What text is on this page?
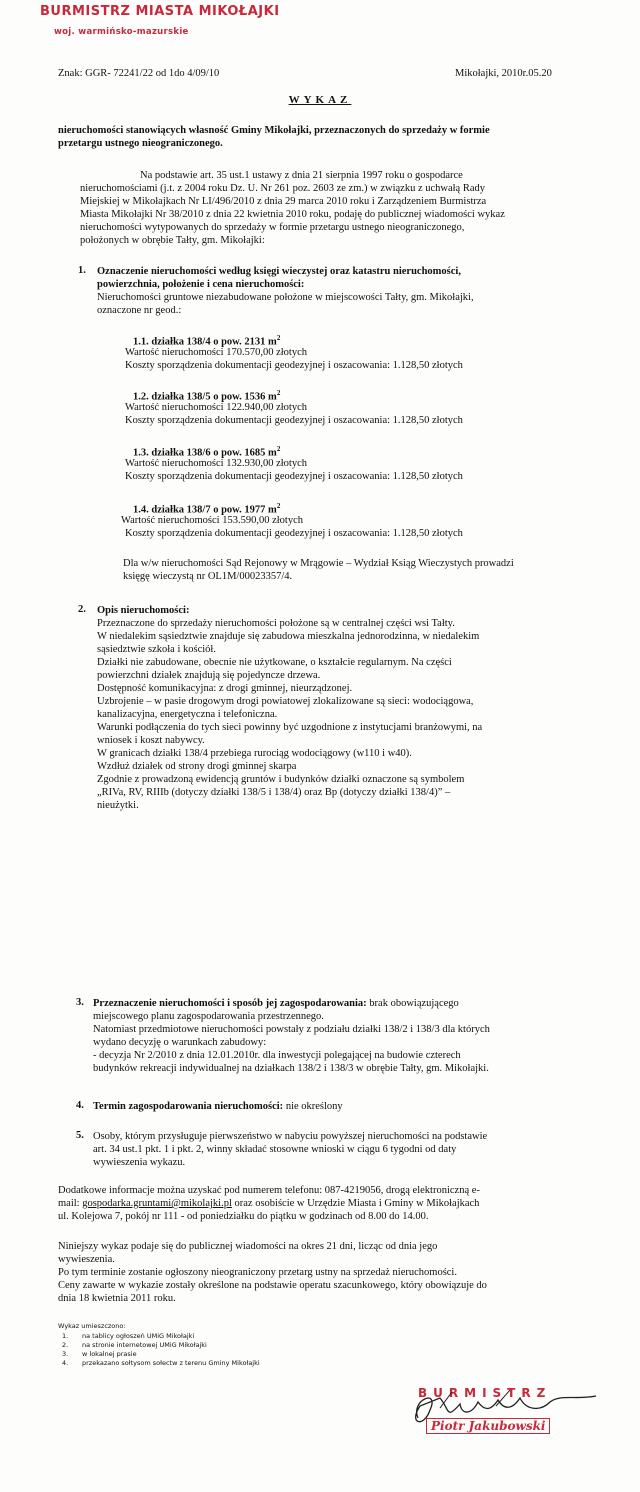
BURMISTRZ MIASTA MIKOŁAJKI
woj. warmińsko-mazurskie
Znak: GGR- 72241/22 od 1do 4/09/10	Mikołajki, 2010r.05.20
WYKAZ
nieruchomości stanowiących własność Gminy Mikołajki, przeznaczonych do sprzedaży w formie
przetargu ustnego nieograniczonego.
Na podstawie art. 35 ust.1 ustawy z dnia 21 sierpnia 1997 roku o gospodarce
nieruchomościami (j.t. z 2004 roku Dz. U. Nr 261 poz. 2603 ze zm.) w związku z uchwałą Rady
Miejskiej w Mikołajkach Nr LI/496/2010 z dnia 29 marca 2010 roku i Zarządzeniem Burmistrza
Miasta Mikołajki Nr 38/2010 z dnia 22 kwietnia 2010 roku, podaję do publicznej wiadomości wykaz
nieruchomości wytypowanych do sprzedaży w formie przetargu ustnego nieograniczonego,
położonych w obrębie Tałty, gm. Mikołajki:
1. Oznaczenie nieruchomości według księgi wieczystej oraz katastru nieruchomości,
powierzchnia, położenie i cena nieruchomości:
Nieruchomości gruntowe niezabudowane położone w miejscowości Tałty, gm. Mikołajki,
oznaczone nr geod.:
1.1. działka 138/4 o pow. 2131 $m^2$
Wartość nieruchomości 170.570,00 złotych
Koszty sporządzenia dokumentacji geodezyjnej i oszacowania: 1.128,50 złotych
1.2. działka 138/5 o pow. 1536 $m^2$
Wartość nieruchomości 122.940,00 złotych
Koszty sporządzenia dokumentacji geodezyjnej i oszacowania: 1.128,50 złotych
1.3. działka 138/6 o pow. 1685 $m^2$
Wartość nieruchomości 132.930,00 złotych
Koszty sporządzenia dokumentacji geodezyjnej i oszacowania: 1.128,50 złotych
1.4. działka 138/7 o pow. 1977 $m^2$
Wartość nieruchomości 153.590,00 złotych
Koszty sporządzenia dokumentacji geodezyjnej i oszacowania: 1.128,50 złotych
Dla w/w nieruchomości Sąd Rejonowy w Mrągowie – Wydział Ksiąg Wieczystych prowadzi
księgę wieczystą nr OL1M/00023357/4.
2. Opis nieruchomości:
Przeznaczone do sprzedaży nieruchomości położone są w centralnej części wsi Tałty.
W niedalekim sąsiedztwie znajduje się zabudowa mieszkalna jednorodzinna, w niedalekim
sąsiedztwie szkoła i kościół.
Działki nie zabudowane, obecnie nie użytkowane, o kształcie regularnym. Na części
powierzchni działek znajdują się pojedyncze drzewa.
Dostępność komunikacyjna: z drogi gminnej, nieurządzonej.
Uzbrojenie – w pasie drogowym drogi powiatowej zlokalizowane są sieci: wodociągowa,
kanalizacyjna, energetyczna i telefoniczna.
Warunki podłączenia do tych sieci powinny być uzgodnione z instytucjami branżowymi, na
wniosek i koszt nabywcy.
W granicach działki 138/4 przebiega rurociąg wodociągowy (w110 i w40).
Wzdłuż działek od strony drogi gminnej skarpa
Zgodnie z prowadzoną ewidencją gruntów i budynków działki oznaczone są symbolem
„RIVa, RV, RIIIb (dotyczy działki 138/5 i 138/4) oraz Bp (dotyczy działki 138/4)” –
nieużytki.
3. Przeznaczenie nieruchomości i sposób jej zagospodarowania: brak obowiązującego
miejscowego planu zagospodarowania przestrzennego.
Natomiast przedmiotowe nieruchomości powstały z podziału działki 138/2 i 138/3 dla których
wydano decyzję o warunkach zabudowy:
- decyzja Nr 2/2010 z dnia 12.01.2010r. dla inwestycji polegającej na budowie czterech
budynków rekreacji indywidualnej na działkach 138/2 i 138/3 w obrębie Tałty, gm. Mikołajki.
4. Termin zagospodarowania nieruchomości: nie określony
5. Osoby, którym przysługuje pierwszeństwo w nabyciu powyższej nieruchomości na podstawie
art. 34 ust.1 pkt. 1 i pkt. 2, winny składać stosowne wnioski w ciągu 6 tygodni od daty
wywieszenia wykazu.
Dodatkowe informacje można uzyskać pod numerem telefonu: 087-4219056, drogą elektroniczną e-
mail: gospodarka.gruntami@mikolajki.pl oraz osobiście w Urzędzie Miasta i Gminy w Mikołajkach
ul. Kolejowa 7, pokój nr 111 - od poniedziałku do piątku w godzinach od 8.00 do 14.00.
Niniejszy wykaz podaje się do publicznej wiadomości na okres 21 dni, licząc od dnia jego
wywieszenia.
Po tym terminie zostanie ogłoszony nieograniczony przetarg ustny na sprzedaż nieruchomości.
Ceny zawarte w wykazie zostały określone na podstawie operatu szacunkowego, który obowiązuje do
dnia 18 kwietnia 2011 roku.
Wykaz umieszczono:
1. na tablicy ogłoszeń UMiG Mikołajki
2. na stronie internetowej UMiG Mikołajki
3. w lokalnej prasie
4. przekazano sołtysom sołectw z terenu Gminy Mikołajki
BURMISTRZ
Piotr Jakubowski
